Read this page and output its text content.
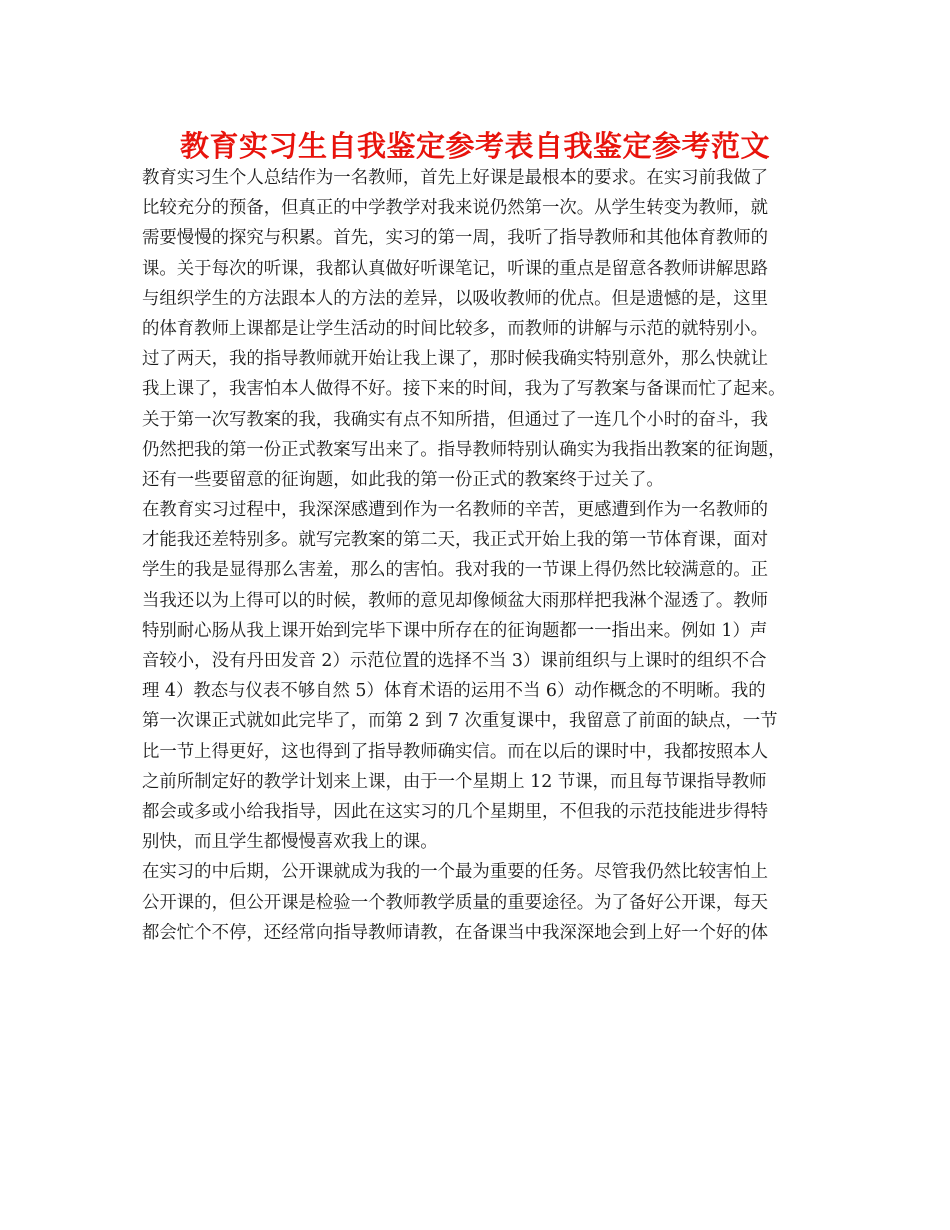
教育实习生自我鉴定参考表自我鉴定参考范文
教育实习生个人总结作为一名教师，首先上好课是最根本的要求。在实习前我做了
比较充分的预备，但真正的中学教学对我来说仍然第一次。从学生转变为教师，就
需要慢慢的探究与积累。首先，实习的第一周，我听了指导教师和其他体育教师的
课。关于每次的听课，我都认真做好听课笔记，听课的重点是留意各教师讲解思路
与组织学生的方法跟本人的方法的差异，以吸收教师的优点。但是遗憾的是，这里
的体育教师上课都是让学生活动的时间比较多，而教师的讲解与示范的就特别小。
过了两天，我的指导教师就开始让我上课了，那时候我确实特别意外，那么快就让
我上课了，我害怕本人做得不好。接下来的时间，我为了写教案与备课而忙了起来。
关于第一次写教案的我，我确实有点不知所措，但通过了一连几个小时的奋斗，我
仍然把我的第一份正式教案写出来了。指导教师特别认确实为我指出教案的征询题，
还有一些要留意的征询题，如此我的第一份正式的教案终于过关了。
在教育实习过程中，我深深感遭到作为一名教师的辛苦，更感遭到作为一名教师的
才能我还差特别多。就写完教案的第二天，我正式开始上我的第一节体育课，面对
学生的我是显得那么害羞，那么的害怕。我对我的一节课上得仍然比较满意的。正
当我还以为上得可以的时候，教师的意见却像倾盆大雨那样把我淋个湿透了。教师
特别耐心肠从我上课开始到完毕下课中所存在的征询题都一一指出来。例如 1）声
音较小，没有丹田发音 2）示范位置的选择不当 3）课前组织与上课时的组织不合
理 4）教态与仪表不够自然 5）体育术语的运用不当 6）动作概念的不明晰。我的
第一次课正式就如此完毕了，而第 2 到 7 次重复课中，我留意了前面的缺点，一节
比一节上得更好，这也得到了指导教师确实信。而在以后的课时中，我都按照本人
之前所制定好的教学计划来上课，由于一个星期上 12 节课，而且每节课指导教师
都会或多或小给我指导，因此在这实习的几个星期里，不但我的示范技能进步得特
别快，而且学生都慢慢喜欢我上的课。
在实习的中后期，公开课就成为我的一个最为重要的任务。尽管我仍然比较害怕上
公开课的，但公开课是检验一个教师教学质量的重要途径。为了备好公开课，每天
都会忙个不停，还经常向指导教师请教，在备课当中我深深地会到上好一个好的体
